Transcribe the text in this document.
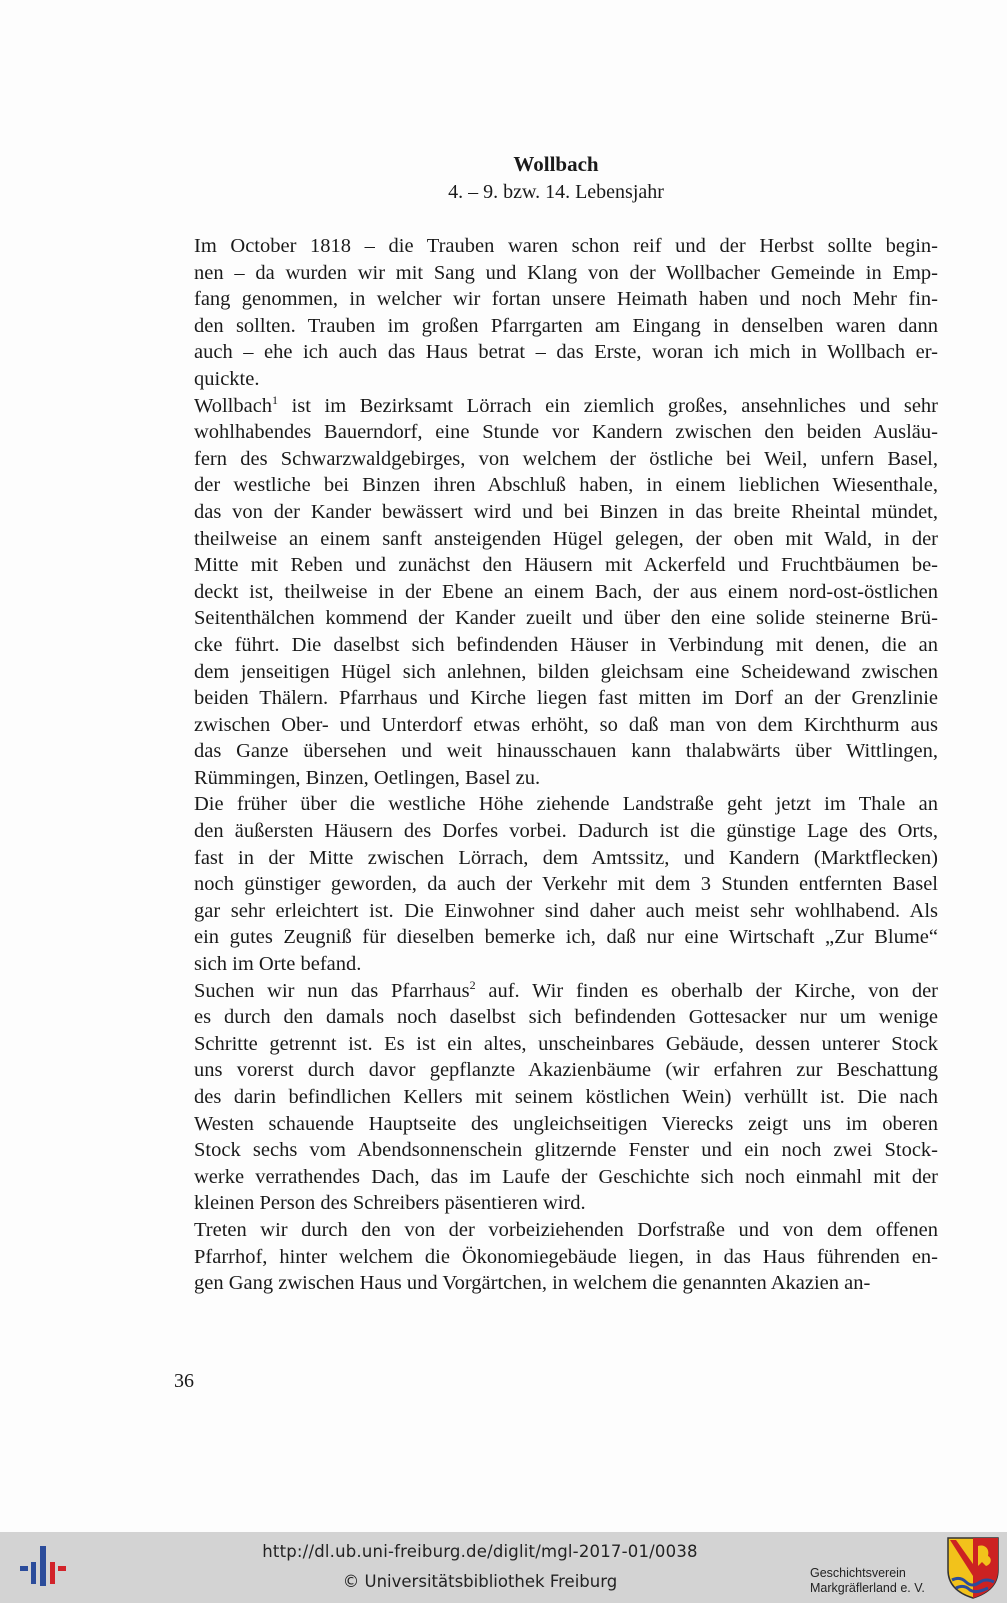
Wollbach
4. – 9. bzw. 14. Lebensjahr
Im October 1818 – die Trauben waren schon reif und der Herbst sollte begin-
nen – da wurden wir mit Sang und Klang von der Wollbacher Gemeinde in Emp-
fang genommen, in welcher wir fortan unsere Heimath haben und noch Mehr fin-
den sollten. Trauben im großen Pfarrgarten am Eingang in denselben waren dann
auch – ehe ich auch das Haus betrat – das Erste, woran ich mich in Wollbach er-
quickte.
Wollbach$^1$ ist im Bezirksamt Lörrach ein ziemlich großes, ansehnliches und sehr
wohlhabendes Bauerndorf, eine Stunde vor Kandern zwischen den beiden Ausläu-
fern des Schwarzwaldgebirges, von welchem der östliche bei Weil, unfern Basel,
der westliche bei Binzen ihren Abschluß haben, in einem lieblichen Wiesenthale,
das von der Kander bewässert wird und bei Binzen in das breite Rheintal mündet,
theilweise an einem sanft ansteigenden Hügel gelegen, der oben mit Wald, in der
Mitte mit Reben und zunächst den Häusern mit Ackerfeld und Fruchtbäumen be-
deckt ist, theilweise in der Ebene an einem Bach, der aus einem nord-ost-östlichen
Seitenthälchen kommend der Kander zueilt und über den eine solide steinerne Brü-
cke führt. Die daselbst sich befindenden Häuser in Verbindung mit denen, die an
dem jenseitigen Hügel sich anlehnen, bilden gleichsam eine Scheidewand zwischen
beiden Thälern. Pfarrhaus und Kirche liegen fast mitten im Dorf an der Grenzlinie
zwischen Ober- und Unterdorf etwas erhöht, so daß man von dem Kirchthurm aus
das Ganze übersehen und weit hinausschauen kann thalabwärts über Wittlingen,
Rümmingen, Binzen, Oetlingen, Basel zu.
Die früher über die westliche Höhe ziehende Landstraße geht jetzt im Thale an
den äußersten Häusern des Dorfes vorbei. Dadurch ist die günstige Lage des Orts,
fast in der Mitte zwischen Lörrach, dem Amtssitz, und Kandern (Marktflecken)
noch günstiger geworden, da auch der Verkehr mit dem 3 Stunden entfernten Basel
gar sehr erleichtert ist. Die Einwohner sind daher auch meist sehr wohlhabend. Als
ein gutes Zeugniß für dieselben bemerke ich, daß nur eine Wirtschaft „Zur Blume“
sich im Orte befand.
Suchen wir nun das Pfarrhaus$^2$ auf. Wir finden es oberhalb der Kirche, von der
es durch den damals noch daselbst sich befindenden Gottesacker nur um wenige
Schritte getrennt ist. Es ist ein altes, unscheinbares Gebäude, dessen unterer Stock
uns vorerst durch davor gepflanzte Akazienbäume (wir erfahren zur Beschattung
des darin befindlichen Kellers mit seinem köstlichen Wein) verhüllt ist. Die nach
Westen schauende Hauptseite des ungleichseitigen Vierecks zeigt uns im oberen
Stock sechs vom Abendsonnenschein glitzernde Fenster und ein noch zwei Stock-
werke verrathendes Dach, das im Laufe der Geschichte sich noch einmahl mit der
kleinen Person des Schreibers päsentieren wird.
Treten wir durch den von der vorbeiziehenden Dorfstraße und von dem offenen
Pfarrhof, hinter welchem die Ökonomiegebäude liegen, in das Haus führenden en-
gen Gang zwischen Haus und Vorgärtchen, in welchem die genannten Akazien an-
36
http://dl.ub.uni-freiburg.de/diglit/mgl-2017-01/0038
© Universitätsbibliothek Freiburg	Geschichtsverein
Markgräflerland e. V.
